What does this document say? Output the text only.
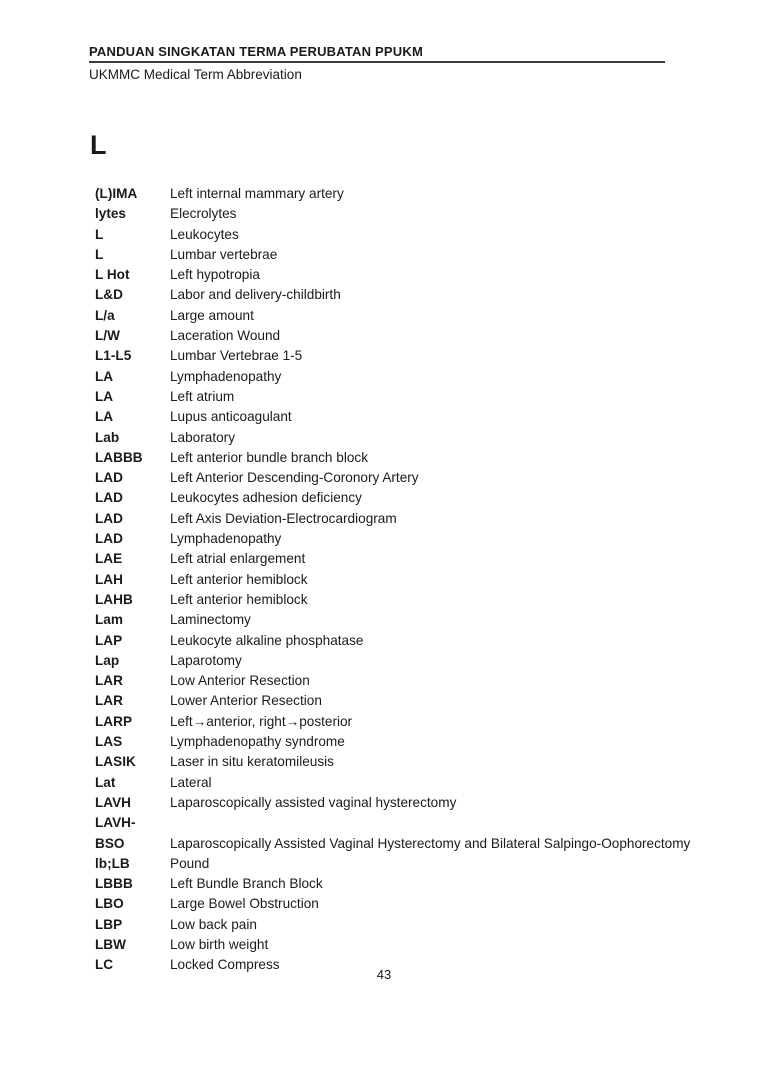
PANDUAN SINGKATAN TERMA PERUBATAN PPUKM
UKMMC Medical Term Abbreviation
L
(L)IMA	Left internal mammary artery
lytes	Elecrolytes
L	Leukocytes
L	Lumbar vertebrae
L Hot	Left hypotropia
L&D	Labor and delivery-childbirth
L/a	Large amount
L/W	Laceration Wound
L1-L5	Lumbar Vertebrae 1-5
LA	Lymphadenopathy
LA	Left atrium
LA	Lupus anticoagulant
Lab	Laboratory
LABBB	Left anterior bundle branch block
LAD	Left Anterior Descending-Coronory Artery
LAD	Leukocytes adhesion deficiency
LAD	Left Axis Deviation-Electrocardiogram
LAD	Lymphadenopathy
LAE	Left atrial enlargement
LAH	Left anterior hemiblock
LAHB	Left anterior hemiblock
Lam	Laminectomy
LAP	Leukocyte alkaline phosphatase
Lap	Laparotomy
LAR	Low Anterior Resection
LAR	Lower Anterior Resection
LARP	Left→anterior, right→posterior
LAS	Lymphadenopathy syndrome
LASIK	Laser in situ keratomileusis
Lat	Lateral
LAVH	Laparoscopically assisted vaginal hysterectomy
LAVH-
BSO	Laparoscopically Assisted Vaginal Hysterectomy and Bilateral Salpingo-Oophorectomy
lb;LB	Pound
LBBB	Left Bundle Branch Block
LBO	Large Bowel Obstruction
LBP	Low back pain
LBW	Low birth weight
LC	Locked Compress
43
